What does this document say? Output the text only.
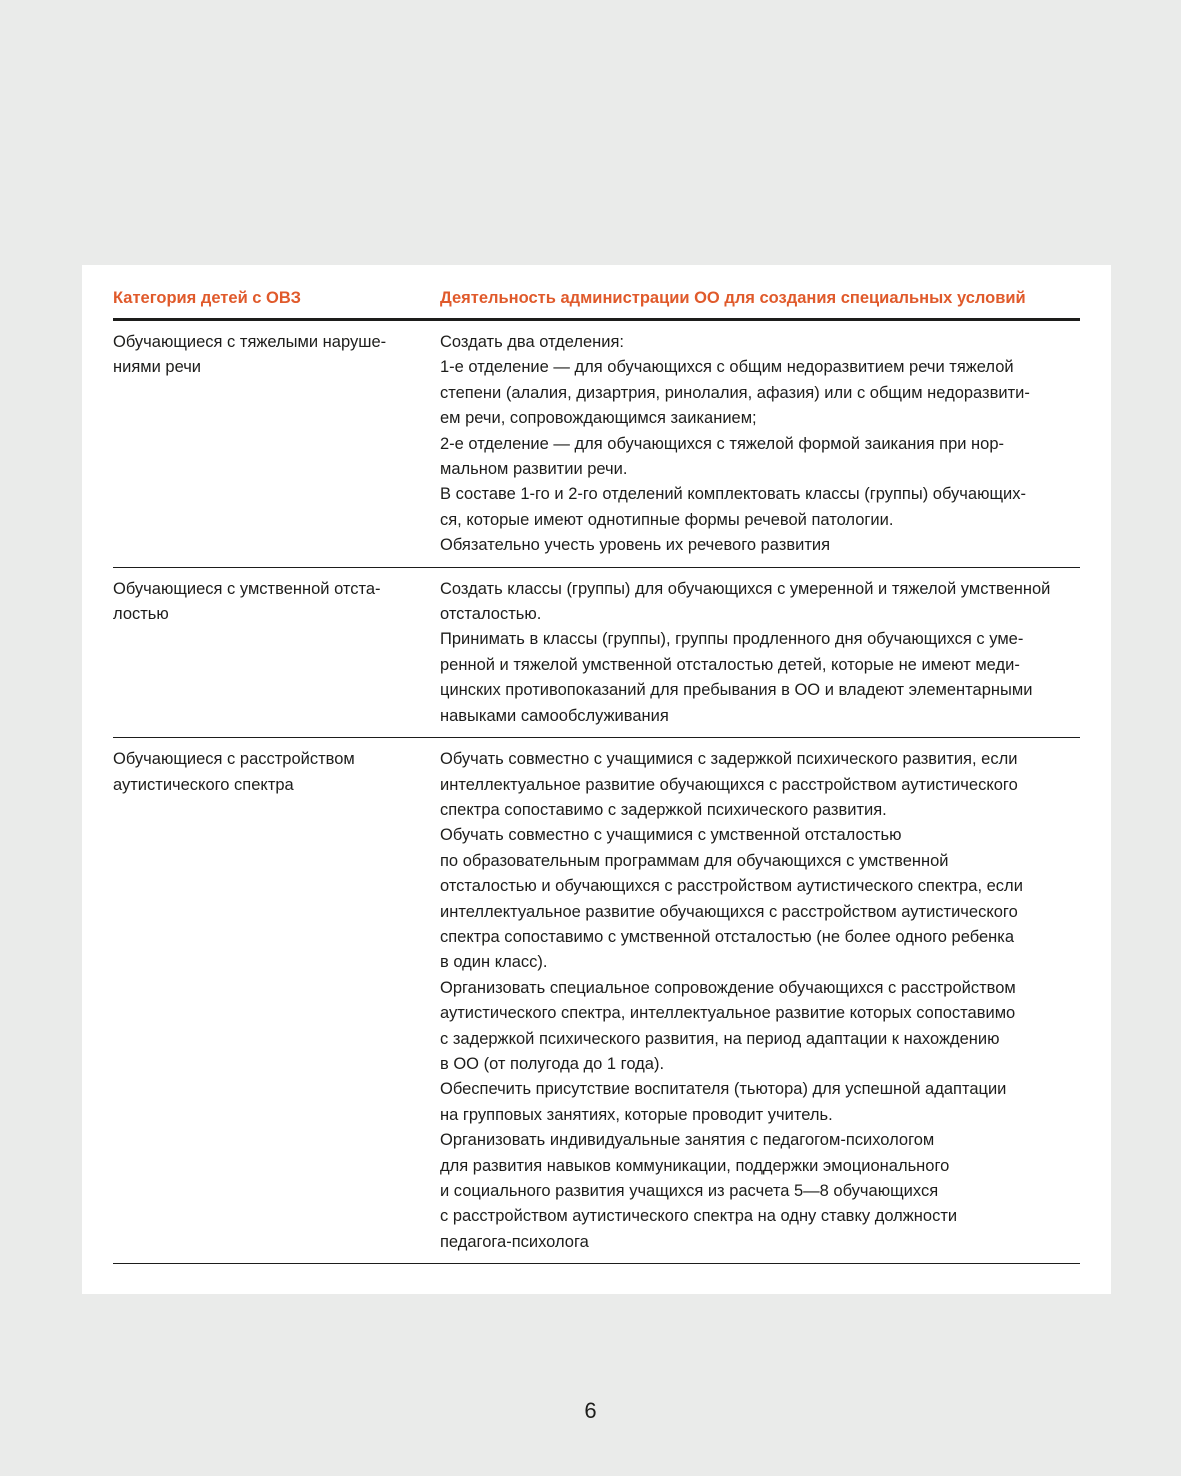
Категория детей с ОВЗ	Деятельность администрации ОО для создания специальных условий
Обучающиеся с тяжелыми наруше-
ниями речи
Создать два отделения:
1-е отделение — для обучающихся с общим недоразвитием речи тяжелой
степени (алалия, дизартрия, ринолалия, афазия) или с общим недоразвити-
ем речи, сопровождающимся заиканием;
2-е отделение — для обучающихся с тяжелой формой заикания при нор-
мальном развитии речи.
В составе 1-го и 2-го отделений комплектовать классы (группы) обучающих-
ся, которые имеют однотипные формы речевой патологии.
Обязательно учесть уровень их речевого развития
Обучающиеся с умственной отста-
лостью
Создать классы (группы) для обучающихся с умеренной и тяжелой умственной
отсталостью.
Принимать в классы (группы), группы продленного дня обучающихся с уме-
ренной и тяжелой умственной отсталостью детей, которые не имеют меди-
цинских противопоказаний для пребывания в ОО и владеют элементарными
навыками самообслуживания
Обучающиеся с расстройством
аутистического спектра
Обучать совместно с учащимися с задержкой психического развития, если
интеллектуальное развитие обучающихся с расстройством аутистического
спектра сопоставимо с задержкой психического развития.
Обучать совместно с учащимися с умственной отсталостью
по образовательным программам для обучающихся с умственной
отсталостью и обучающихся с расстройством аутистического спектра, если
интеллектуальное развитие обучающихся с расстройством аутистического
спектра сопоставимо с умственной отсталостью (не более одного ребенка
в один класс).
Организовать специальное сопровождение обучающихся с расстройством
аутистического спектра, интеллектуальное развитие которых сопоставимо
с задержкой психического развития, на период адаптации к нахождению
в ОО (от полугода до 1 года).
Обеспечить присутствие воспитателя (тьютора) для успешной адаптации
на групповых занятиях, которые проводит учитель.
Организовать индивидуальные занятия с педагогом-психологом
для развития навыков коммуникации, поддержки эмоционального
и социального развития учащихся из расчета 5—8 обучающихся
с расстройством аутистического спектра на одну ставку должности
педагога-психолога
6
